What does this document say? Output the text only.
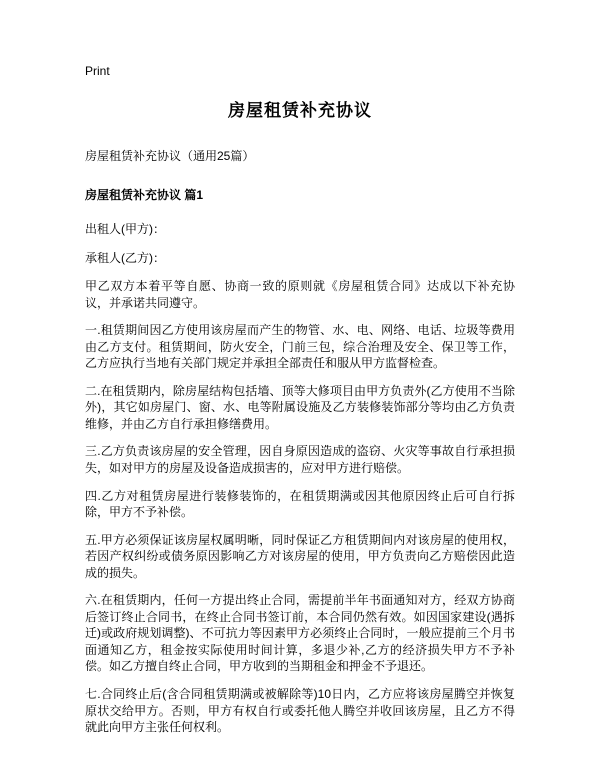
Print
房屋租赁补充协议
房屋租赁补充协议（通用25篇）
房屋租赁补充协议 篇1

出租人(甲方)：

承租人(乙方)：

甲乙双方本着平等自愿、协商一致的原则就《房屋租赁合同》达成以下补充协议，并承诺共同遵守。

一.租赁期间因乙方使用该房屋而产生的物管、水、电、网络、电话、垃圾等费用由乙方支付。租赁期间，防火安全，门前三包，综合治理及安全、保卫等工作，乙方应执行当地有关部门规定并承担全部责任和服从甲方监督检查。

二.在租赁期内，除房屋结构包括墙、顶等大修项目由甲方负责外(乙方使用不当除外)，其它如房屋门、窗、水、电等附属设施及乙方装修装饰部分等均由乙方负责维修，并由乙方自行承担修缮费用。

三.乙方负责该房屋的安全管理，因自身原因造成的盗窃、火灾等事故自行承担损失，如对甲方的房屋及设备造成损害的，应对甲方进行赔偿。

四.乙方对租赁房屋进行装修装饰的，在租赁期满或因其他原因终止后可自行拆除，甲方不予补偿。

五.甲方必须保证该房屋权属明晰，同时保证乙方租赁期间内对该房屋的使用权，若因产权纠纷或债务原因影响乙方对该房屋的使用，甲方负责向乙方赔偿因此造成的损失。

六.在租赁期内，任何一方提出终止合同，需提前半年书面通知对方，经双方协商后签订终止合同书，在终止合同书签订前，本合同仍然有效。如因国家建设(遇拆迁)或政府规划调整)、不可抗力等因素甲方必须终止合同时，一般应提前三个月书面通知乙方，租金按实际使用时间计算，多退少补,乙方的经济损失甲方不予补偿。如乙方擅自终止合同，甲方收到的当期租金和押金不予退还。

七.合同终止后(含合同租赁期满或被解除等)10日内，乙方应将该房屋腾空并恢复原状交给甲方。否则，甲方有权自行或委托他人腾空并收回该房屋，且乙方不得就此向甲方主张任何权利。
